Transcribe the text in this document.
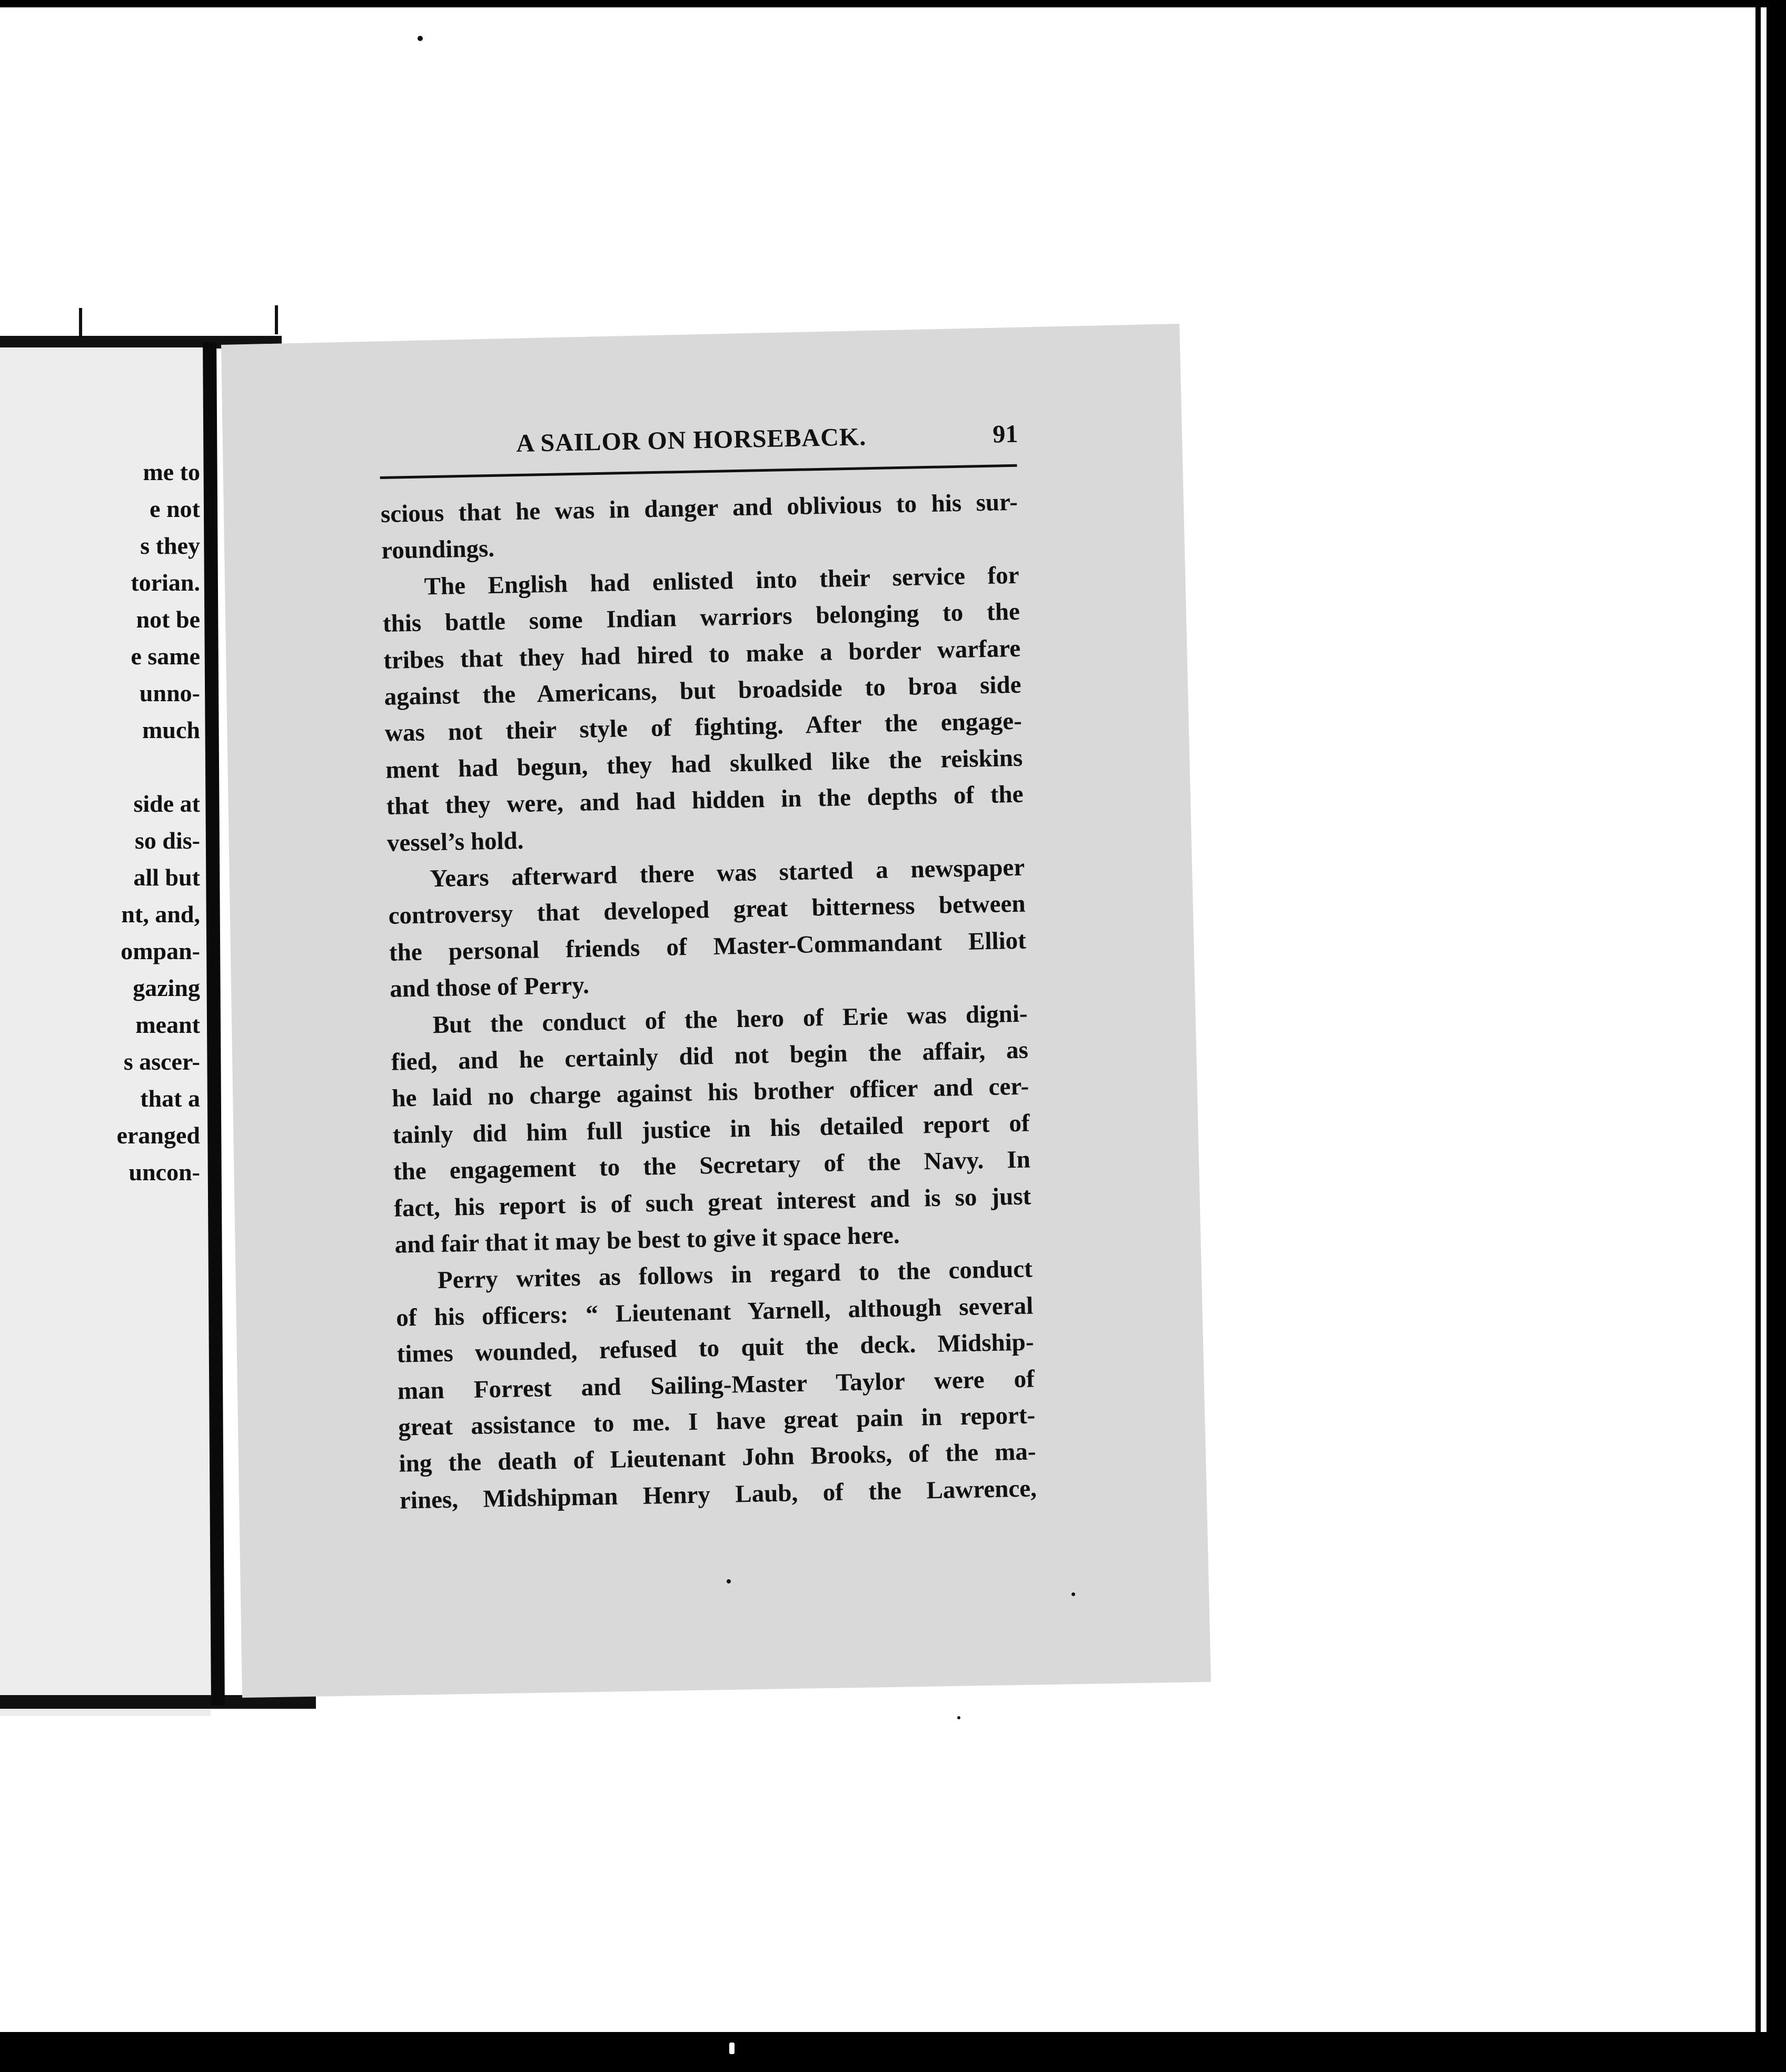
me to
e not
s they
torian.
not be
e same
unno-
much
side at
so dis-
all but
nt, and,
ompan-
gazing
meant
s ascer-
that a
eranged
uncon-
A SAILOR ON HORSEBACK.	91
scious that he was in danger and oblivious to his sur-
roundings.
The English had enlisted into their service for
this battle some Indian warriors belonging to the
tribes that they had hired to make a border warfare
against the Americans, but broadside to broa side
was not their style of fighting. After the engage-
ment had begun, they had skulked like the reiskins
that they were, and had hidden in the depths of the
vessel’s hold.
Years afterward there was started a newspaper
controversy that developed great bitterness between
the personal friends of Master-Commandant Elliot
and those of Perry.
But the conduct of the hero of Erie was digni-
fied, and he certainly did not begin the affair, as
he laid no charge against his brother officer and cer-
tainly did him full justice in his detailed report of
the engagement to the Secretary of the Navy. In
fact, his report is of such great interest and is so just
and fair that it may be best to give it space here.
Perry writes as follows in regard to the conduct
of his officers: “ Lieutenant Yarnell, although several
times wounded, refused to quit the deck. Midship-
man Forrest and Sailing-Master Taylor were of
great assistance to me. I have great pain in report-
ing the death of Lieutenant John Brooks, of the ma-
rines, Midshipman Henry Laub, of the Lawrence,
